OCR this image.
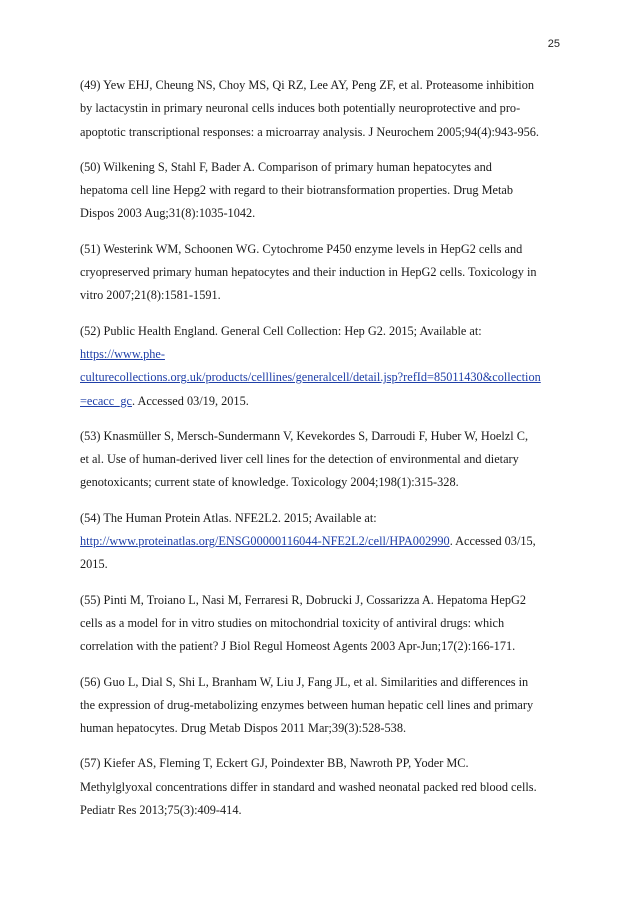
25

(49) Yew EHJ, Cheung NS, Choy MS, Qi RZ, Lee AY, Peng ZF, et al. Proteasome inhibition
by lactacystin in primary neuronal cells induces both potentially neuroprotective and pro-
apoptotic transcriptional responses: a microarray analysis. J Neurochem 2005;94(4):943-956.

(50) Wilkening S, Stahl F, Bader A. Comparison of primary human hepatocytes and
hepatoma cell line Hepg2 with regard to their biotransformation properties. Drug Metab
Dispos 2003 Aug;31(8):1035-1042.

(51) Westerink WM, Schoonen WG. Cytochrome P450 enzyme levels in HepG2 cells and
cryopreserved primary human hepatocytes and their induction in HepG2 cells. Toxicology in
vitro 2007;21(8):1581-1591.

(52) Public Health England. General Cell Collection: Hep G2. 2015; Available at:
https://www.phe-
culturecollections.org.uk/products/celllines/generalcell/detail.jsp?refId=85011430&collection
=ecacc_gc. Accessed 03/19, 2015.

(53) Knasmüller S, Mersch-Sundermann V, Kevekordes S, Darroudi F, Huber W, Hoelzl C,
et al. Use of human-derived liver cell lines for the detection of environmental and dietary
genotoxicants; current state of knowledge. Toxicology 2004;198(1):315-328.

(54) The Human Protein Atlas. NFE2L2. 2015; Available at:
http://www.proteinatlas.org/ENSG00000116044-NFE2L2/cell/HPA002990. Accessed 03/15,
2015.

(55) Pinti M, Troiano L, Nasi M, Ferraresi R, Dobrucki J, Cossarizza A. Hepatoma HepG2
cells as a model for in vitro studies on mitochondrial toxicity of antiviral drugs: which
correlation with the patient? J Biol Regul Homeost Agents 2003 Apr-Jun;17(2):166-171.

(56) Guo L, Dial S, Shi L, Branham W, Liu J, Fang JL, et al. Similarities and differences in
the expression of drug-metabolizing enzymes between human hepatic cell lines and primary
human hepatocytes. Drug Metab Dispos 2011 Mar;39(3):528-538.

(57) Kiefer AS, Fleming T, Eckert GJ, Poindexter BB, Nawroth PP, Yoder MC.
Methylglyoxal concentrations differ in standard and washed neonatal packed red blood cells.
Pediatr Res 2013;75(3):409-414.
